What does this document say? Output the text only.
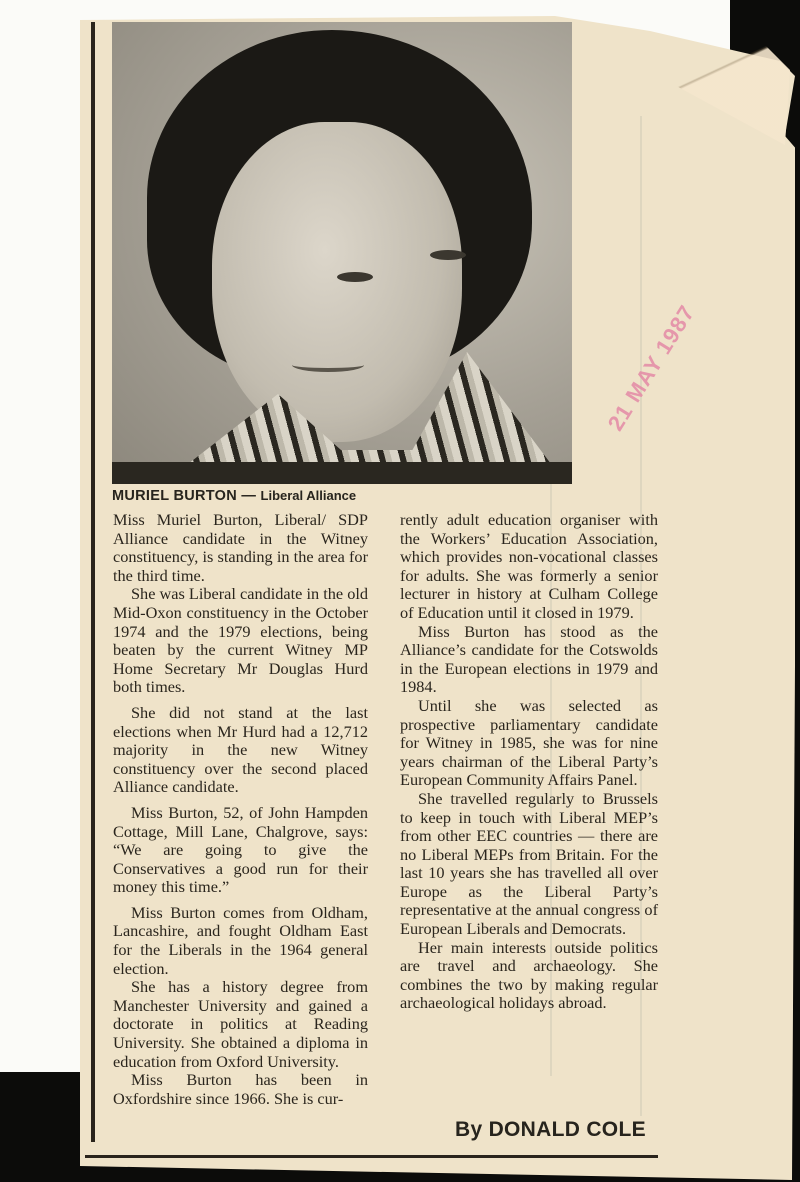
21 MAY 1987
MURIEL BURTON — Liberal Alliance

Miss Muriel Burton, Liberal/ SDP Alliance candidate in the Witney constituency, is standing in the area for the third time.

She was Liberal candidate in the old Mid-Oxon constituency in the October 1974 and the 1979 elections, being beaten by the current Witney MP Home Secretary Mr Douglas Hurd both times.

She did not stand at the last elections when Mr Hurd had a 12,712 majority in the new Witney constituency over the second placed Alliance candidate.

Miss Burton, 52, of John Hampden Cottage, Mill Lane, Chalgrove, says: “We are going to give the Conservatives a good run for their money this time.”

Miss Burton comes from Oldham, Lancashire, and fought Oldham East for the Liberals in the 1964 general election.

She has a history degree from Manchester University and gained a doctorate in politics at Reading University. She obtained a diploma in education from Oxford University.

Miss Burton has been in Oxfordshire since 1966. She is cur-

rently adult education organiser with the Workers’ Education Association, which provides non-vocational classes for adults. She was formerly a senior lecturer in history at Culham College of Education until it closed in 1979.

Miss Burton has stood as the Alliance’s candidate for the Cotswolds in the European elections in 1979 and 1984.

Until she was selected as prospective parliamentary candidate for Witney in 1985, she was for nine years chairman of the Liberal Party’s European Community Affairs Panel.

She travelled regularly to Brussels to keep in touch with Liberal MEP’s from other EEC countries — there are no Liberal MEPs from Britain. For the last 10 years she has travelled all over Europe as the Liberal Party’s representative at the annual congress of European Liberals and Democrats.

Her main interests outside politics are travel and archaeology. She combines the two by making regular archaeological holidays abroad.

By DONALD COLE
